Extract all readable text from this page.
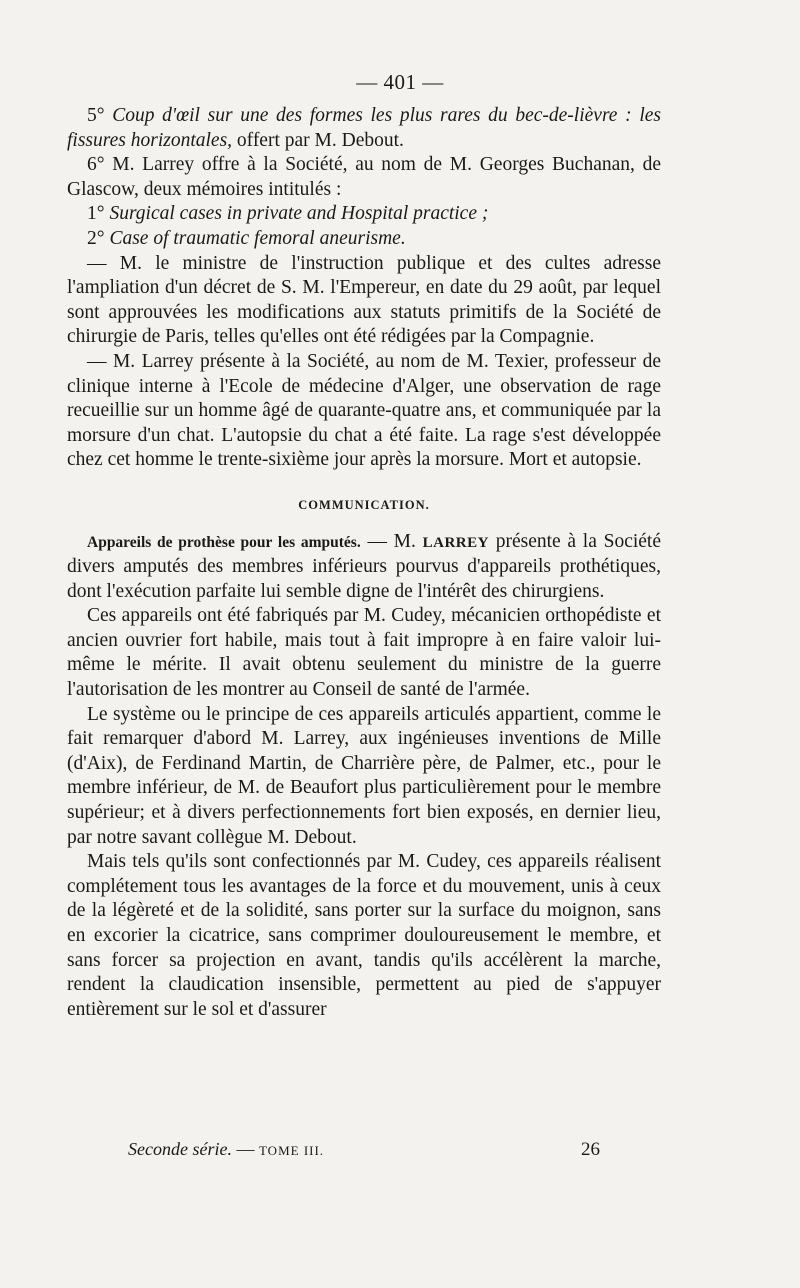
— 401 —

5° Coup d'œil sur une des formes les plus rares du bec-de-lièvre : les fissures horizontales, offert par M. Debout.

6° M. Larrey offre à la Société, au nom de M. Georges Buchanan, de Glascow, deux mémoires intitulés :

1° Surgical cases in private and Hospital practice ;

2° Case of traumatic femoral aneurisme.

— M. le ministre de l'instruction publique et des cultes adresse l'ampliation d'un décret de S. M. l'Empereur, en date du 29 août, par lequel sont approuvées les modifications aux statuts primitifs de la Société de chirurgie de Paris, telles qu'elles ont été rédigées par la Compagnie.

— M. Larrey présente à la Société, au nom de M. Texier, professeur de clinique interne à l'Ecole de médecine d'Alger, une observation de rage recueillie sur un homme âgé de quarante-quatre ans, et communiquée par la morsure d'un chat. L'autopsie du chat a été faite. La rage s'est développée chez cet homme le trente-sixième jour après la morsure. Mort et autopsie.

COMMUNICATION.

Appareils de prothèse pour les amputés. — M. LARREY présente à la Société divers amputés des membres inférieurs pourvus d'appareils prothétiques, dont l'exécution parfaite lui semble digne de l'intérêt des chirurgiens.

Ces appareils ont été fabriqués par M. Cudey, mécanicien orthopédiste et ancien ouvrier fort habile, mais tout à fait impropre à en faire valoir lui-même le mérite. Il avait obtenu seulement du ministre de la guerre l'autorisation de les montrer au Conseil de santé de l'armée.

Le système ou le principe de ces appareils articulés appartient, comme le fait remarquer d'abord M. Larrey, aux ingénieuses inventions de Mille (d'Aix), de Ferdinand Martin, de Charrière père, de Palmer, etc., pour le membre inférieur, de M. de Beaufort plus particulièrement pour le membre supérieur; et à divers perfectionnements fort bien exposés, en dernier lieu, par notre savant collègue M. Debout.

Mais tels qu'ils sont confectionnés par M. Cudey, ces appareils réalisent complétement tous les avantages de la force et du mouvement, unis à ceux de la légèreté et de la solidité, sans porter sur la surface du moignon, sans en excorier la cicatrice, sans comprimer douloureusement le membre, et sans forcer sa projection en avant, tandis qu'ils accélèrent la marche, rendent la claudication insensible, permettent au pied de s'appuyer entièrement sur le sol et d'assurer

Seconde série. — TOME III.	26
